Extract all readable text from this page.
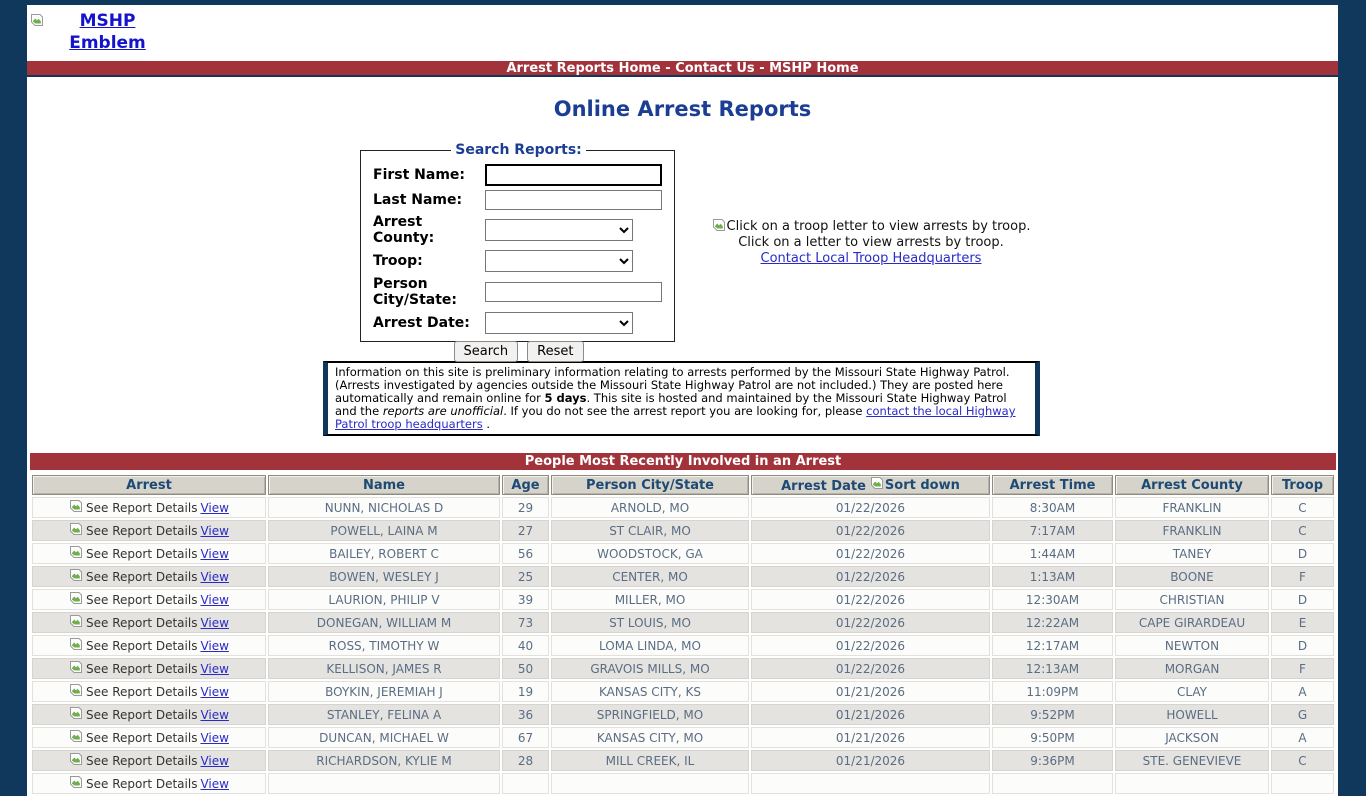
MSHP Emblem
Arrest Reports Home - Contact Us - MSHP Home
Online Arrest Reports
Search Reports:
First Name:
Last Name:
Arrest County:
Troop:
Person City/State:
Arrest Date:
Search	Reset
Click on a troop letter to view arrests by troop.
Click on a letter to view arrests by troop.
Contact Local Troop Headquarters
Information on this site is preliminary information relating to arrests performed by the Missouri State Highway Patrol. (Arrests investigated by agencies outside the Missouri State Highway Patrol are not included.) They are posted here automatically and remain online for 5 days. This site is hosted and maintained by the Missouri State Highway Patrol and the reports are unofficial. If you do not see the arrest report you are looking for, please contact the local Highway Patrol troop headquarters .
People Most Recently Involved in an Arrest
Arrest	Name	Age	Person City/State	Arrest Date Sort down	Arrest Time	Arrest County	Troop

See Report Details View	NUNN, NICHOLAS D	29	ARNOLD, MO	01/22/2026	8:30AM	FRANKLIN	C

See Report Details View	POWELL, LAINA M	27	ST CLAIR, MO	01/22/2026	7:17AM	FRANKLIN	C

See Report Details View	BAILEY, ROBERT C	56	WOODSTOCK, GA	01/22/2026	1:44AM	TANEY	D

See Report Details View	BOWEN, WESLEY J	25	CENTER, MO	01/22/2026	1:13AM	BOONE	F

See Report Details View	LAURION, PHILIP V	39	MILLER, MO	01/22/2026	12:30AM	CHRISTIAN	D

See Report Details View	DONEGAN, WILLIAM M	73	ST LOUIS, MO	01/22/2026	12:22AM	CAPE GIRARDEAU	E

See Report Details View	ROSS, TIMOTHY W	40	LOMA LINDA, MO	01/22/2026	12:17AM	NEWTON	D

See Report Details View	KELLISON, JAMES R	50	GRAVOIS MILLS, MO	01/22/2026	12:13AM	MORGAN	F

See Report Details View	BOYKIN, JEREMIAH J	19	KANSAS CITY, KS	01/21/2026	11:09PM	CLAY	A

See Report Details View	STANLEY, FELINA A	36	SPRINGFIELD, MO	01/21/2026	9:52PM	HOWELL	G

See Report Details View	DUNCAN, MICHAEL W	67	KANSAS CITY, MO	01/21/2026	9:50PM	JACKSON	A

See Report Details View	RICHARDSON, KYLIE M	28	MILL CREEK, IL	01/21/2026	9:36PM	STE. GENEVIEVE	C

See Report Details View							
